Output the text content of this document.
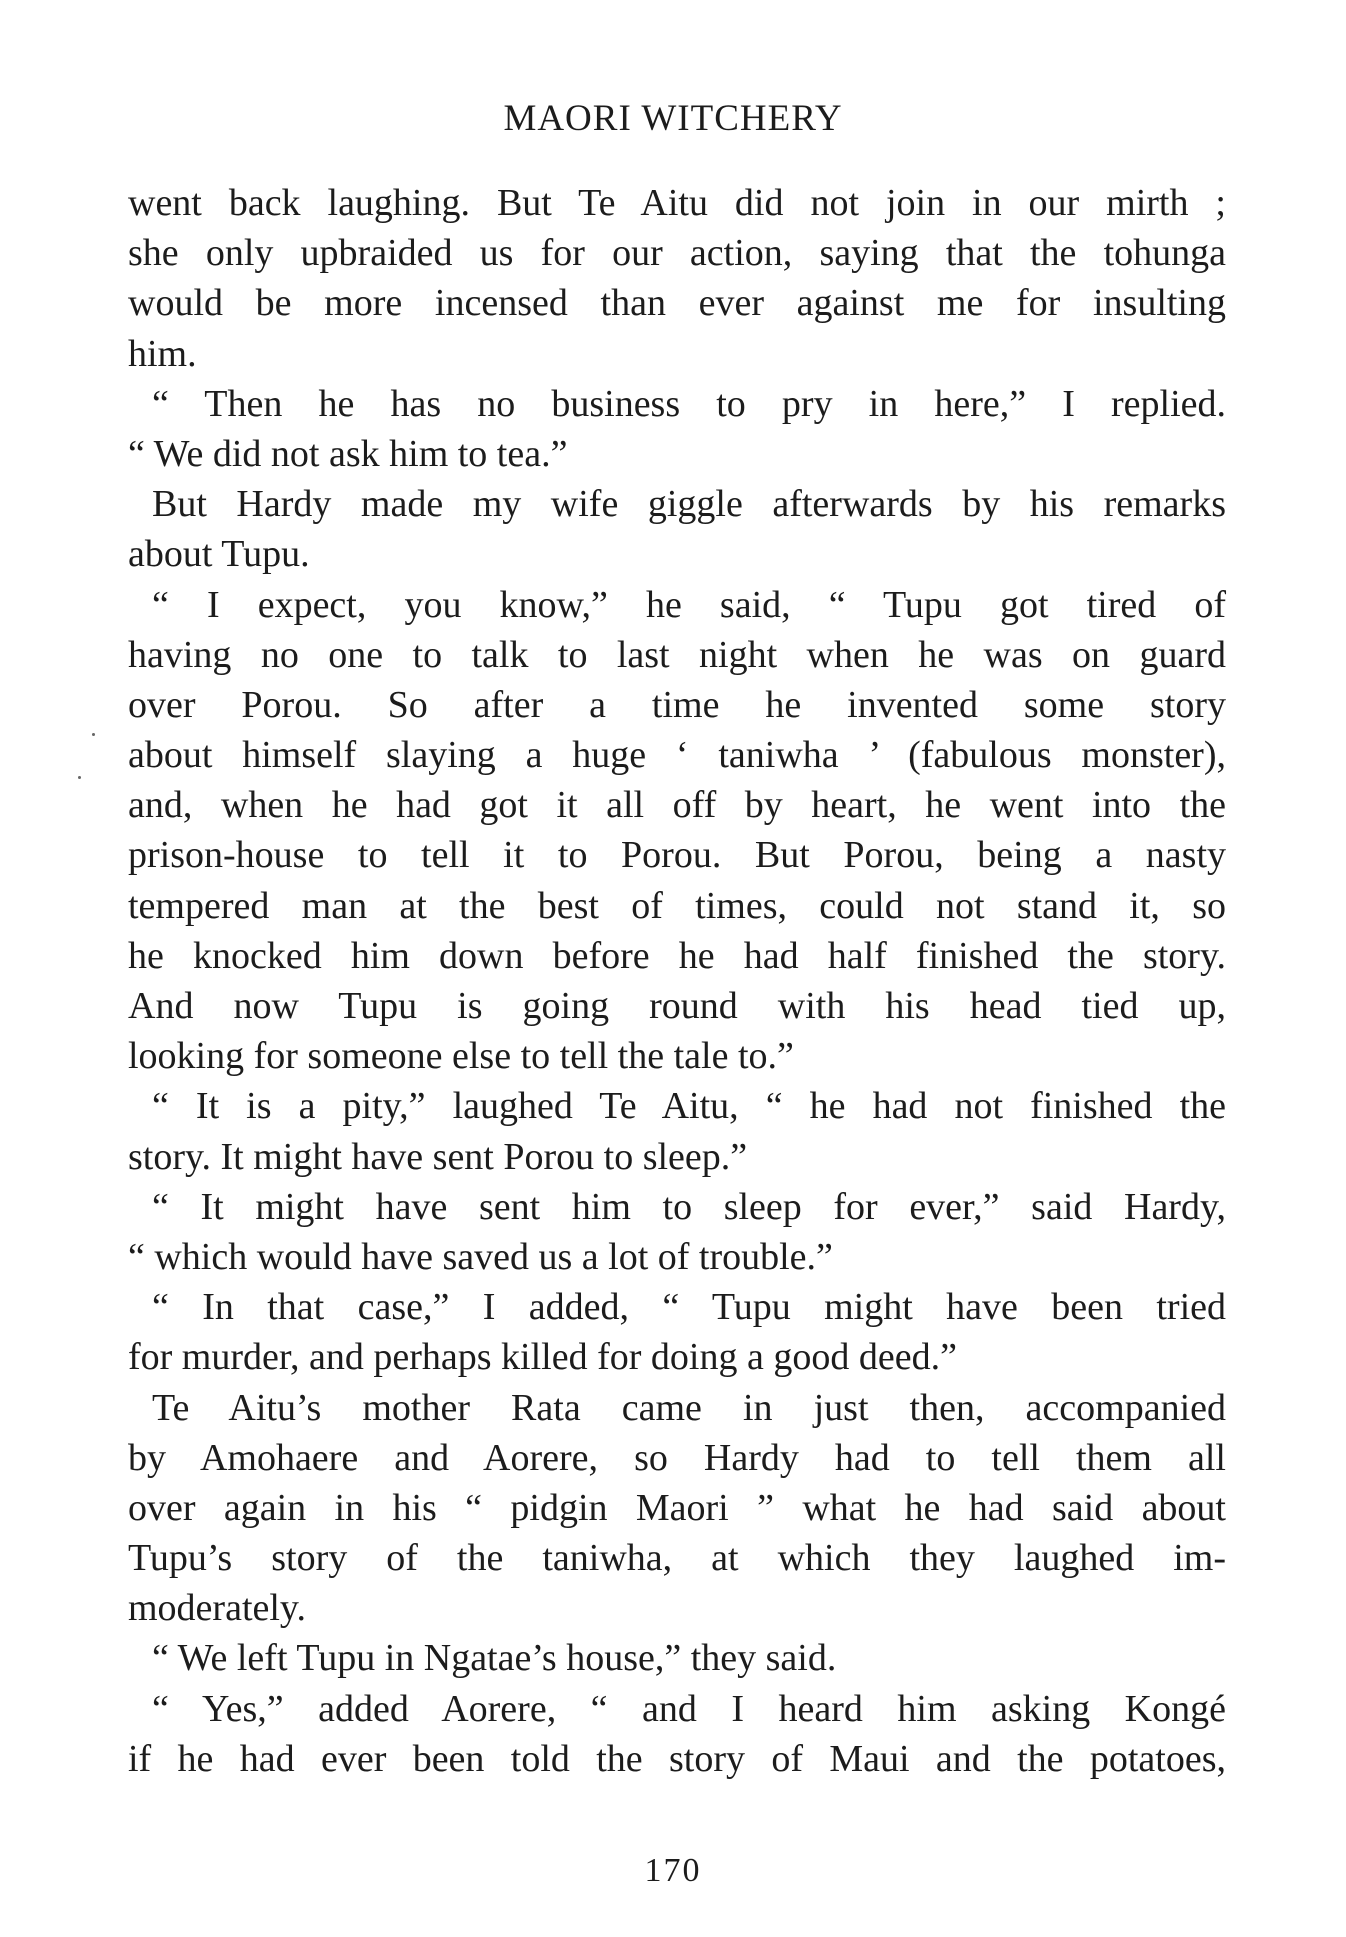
MAORI WITCHERY
went back laughing. But Te Aitu did not join in our mirth ;
she only upbraided us for our action, saying that the tohunga
would be more incensed than ever against me for insulting
him.
“ Then he has no business to pry in here,” I replied.
“ We did not ask him to tea.”
But Hardy made my wife giggle afterwards by his remarks
about Tupu.
“ I expect, you know,” he said, “ Tupu got tired of
having no one to talk to last night when he was on guard
over Porou. So after a time he invented some story
about himself slaying a huge ‘ taniwha ’ (fabulous monster),
and, when he had got it all off by heart, he went into the
prison-house to tell it to Porou. But Porou, being a nasty
tempered man at the best of times, could not stand it, so
he knocked him down before he had half finished the story.
And now Tupu is going round with his head tied up,
looking for someone else to tell the tale to.”
“ It is a pity,” laughed Te Aitu, “ he had not finished the
story. It might have sent Porou to sleep.”
“ It might have sent him to sleep for ever,” said Hardy,
“ which would have saved us a lot of trouble.”
“ In that case,” I added, “ Tupu might have been tried
for murder, and perhaps killed for doing a good deed.”
Te Aitu’s mother Rata came in just then, accompanied
by Amohaere and Aorere, so Hardy had to tell them all
over again in his “ pidgin Maori ” what he had said about
Tupu’s story of the taniwha, at which they laughed im-
moderately.
“ We left Tupu in Ngatae’s house,” they said.
“ Yes,” added Aorere, “ and I heard him asking Kongé
if he had ever been told the story of Maui and the potatoes,
170
